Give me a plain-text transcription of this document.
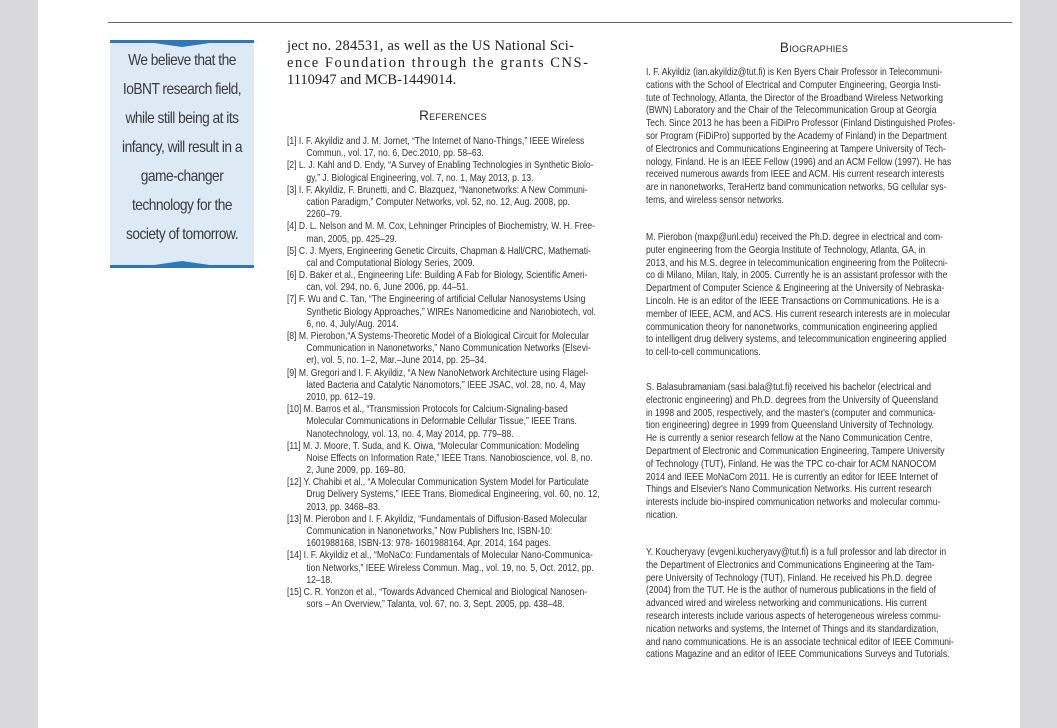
We believe that the
IoBNT research field,
while still being at its
infancy, will result in a
game-changer
technology for the
society of tomorrow.
ject no. 284531, as well as the US National Sci-
ence Foundation through the grants CNS-
1110947 and MCB-1449014.
References
[1] I. F. Akyildiz and J. M. Jornet, “The Internet of Nano-Things,” IEEE Wireless
Commun., vol. 17, no. 6, Dec.2010, pp. 58–63.
[2] L. J. Kahl and D. Endy, “A Survey of Enabling Technologies in Synthetic Biolo-
gy,” J. Biological Engineering, vol. 7, no. 1, May 2013, p. 13.
[3] I. F. Akyildiz, F. Brunetti, and C. Blazquez, “Nanonetworks: A New Communi-
cation Paradigm,” Computer Networks, vol. 52, no. 12, Aug. 2008, pp.
2260–79.
[4] D. L. Nelson and M. M. Cox, Lehninger Principles of Biochemistry, W. H. Free-
man, 2005, pp. 425–29.
[5] C. J. Myers, Engineering Genetic Circuits, Chapman & Hall/CRC, Mathemati-
cal and Computational Biology Series, 2009.
[6] D. Baker et al., Engineering Life: Building A Fab for Biology, Scientific Ameri-
can, vol. 294, no. 6, June 2006, pp. 44–51.
[7] F. Wu and C. Tan, “The Engineering of artificial Cellular Nanosystems Using
Synthetic Biology Approaches,” WIREs Nanomedicine and Nanobiotech, vol.
6, no. 4, July/Aug. 2014.
[8] M. Pierobon,“A Systems-Theoretic Model of a Biological Circuit for Molecular
Communication in Nanonetworks,” Nano Communication Networks (Elsevi-
er), vol. 5, no. 1–2, Mar.–June 2014, pp. 25–34.
[9] M. Gregori and I. F. Akyildiz, “A New NanoNetwork Architecture using Flagel-
lated Bacteria and Catalytic Nanomotors,” IEEE JSAC, vol. 28, no. 4, May
2010, pp. 612–19.
[10] M. Barros et al., “Transmission Protocols for Calcium-Signaling-based
Molecular Communications in Deformable Cellular Tissue,” IEEE Trans.
Nanotechnology, vol. 13, no. 4, May 2014, pp. 779–88.
[11] M. J. Moore, T. Suda, and K. Oiwa, “Molecular Communication: Modeling
Noise Effects on Information Rate,” IEEE Trans. Nanobioscience, vol. 8, no.
2, June 2009, pp. 169–80.
[12] Y. Chahibi et al., “A Molecular Communication System Model for Particulate
Drug Delivery Systems,” IEEE Trans. Biomedical Engineering, vol. 60, no. 12,
2013, pp. 3468–83.
[13] M. Pierobon and I. F. Akyildiz, “Fundamentals of Diffusion-Based Molecular
Communication in Nanonetworks,” Now Publishers Inc, ISBN-10:
1601988168, ISBN-13: 978- 1601988164, Apr. 2014, 164 pages.
[14] I. F. Akyildiz et al., “MoNaCo: Fundamentals of Molecular Nano-Communica-
tion Networks,” IEEE Wireless Commun. Mag., vol. 19, no. 5, Oct. 2012, pp.
12–18.
[15] C. R. Yonzon et al., “Towards Advanced Chemical and Biological Nanosen-
sors – An Overview,” Talanta, vol. 67, no. 3, Sept. 2005, pp. 438–48.
Biographies
I. F. Akyildiz (ian.akyildiz@tut.fi) is Ken Byers Chair Professor in Telecommuni-
cations with the School of Electrical and Computer Engineering, Georgia Insti-
tute of Technology, Atlanta, the Director of the Broadband Wireless Networking
(BWN) Laboratory and the Chair of the Telecommunication Group at Georgia
Tech. Since 2013 he has been a FiDiPro Professor (Finland Distinguished Profes-
sor Program (FiDiPro) supported by the Academy of Finland) in the Department
of Electronics and Communications Engineering at Tampere University of Tech-
nology, Finland. He is an IEEE Fellow (1996) and an ACM Fellow (1997). He has
received numerous awards from IEEE and ACM. His current research interests
are in nanonetworks, TeraHertz band communication networks, 5G cellular sys-
tems, and wireless sensor networks.
M. Pierobon (maxp@unl.edu) received the Ph.D. degree in electrical and com-
puter engineering from the Georgia Institute of Technology, Atlanta, GA, in
2013, and his M.S. degree in telecommunication engineering from the Politecni-
co di Milano, Milan, Italy, in 2005. Currently he is an assistant professor with the
Department of Computer Science & Engineering at the University of Nebraska-
Lincoln. He is an editor of the IEEE Transactions on Communications. He is a
member of IEEE, ACM, and ACS. His current research interests are in molecular
communication theory for nanonetworks, communication engineering applied
to intelligent drug delivery systems, and telecommunication engineering applied
to cell-to-cell communications.
S. Balasubramaniam (sasi.bala@tut.fi) received his bachelor (electrical and
electronic engineering) and Ph.D. degrees from the University of Queensland
in 1998 and 2005, respectively, and the master's (computer and communica-
tion engineering) degree in 1999 from Queensland University of Technology.
He is currently a senior research fellow at the Nano Communication Centre,
Department of Electronic and Communication Engineering, Tampere University
of Technology (TUT), Finland. He was the TPC co-chair for ACM NANOCOM
2014 and IEEE MoNaCom 2011. He is currently an editor for IEEE Internet of
Things and Elsevier's Nano Communication Networks. His current research
interests include bio-inspired communication networks and molecular commu-
nication.
Y. Koucheryavy (evgeni.kucheryavy@tut.fi) is a full professor and lab director in
the Department of Electronics and Communications Engineering at the Tam-
pere University of Technology (TUT), Finland. He received his Ph.D. degree
(2004) from the TUT. He is the author of numerous publications in the field of
advanced wired and wireless networking and communications. His current
research interests include various aspects of heterogeneous wireless commu-
nication networks and systems, the Internet of Things and its standardization,
and nano communications. He is an associate technical editor of IEEE Communi-
cations Magazine and an editor of IEEE Communications Surveys and Tutorials.
